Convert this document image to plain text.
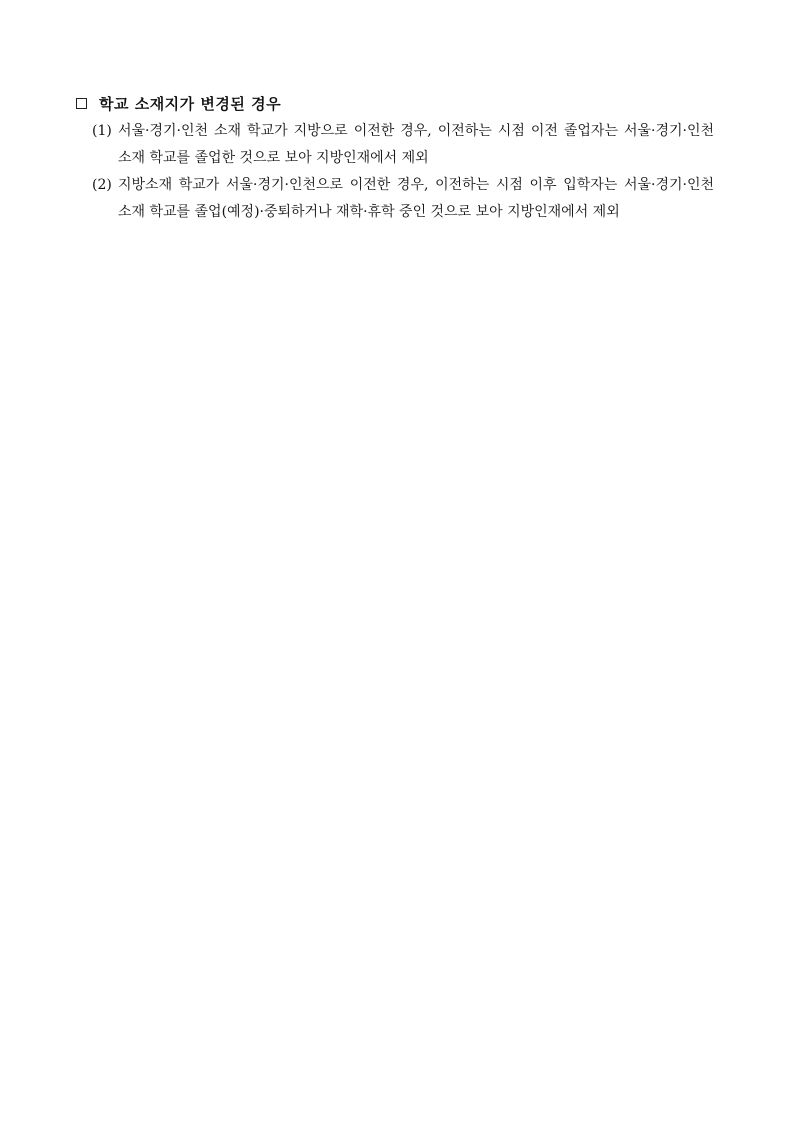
학교 소재지가 변경된 경우
(1) 서울·경기·인천 소재 학교가 지방으로 이전한 경우, 이전하는 시점 이전 졸업자는 서울·경기·인천 소재 학교를 졸업한 것으로 보아 지방인재에서 제외
(2) 지방소재 학교가 서울·경기·인천으로 이전한 경우, 이전하는 시점 이후 입학자는 서울·경기·인천 소재 학교를 졸업(예정)·중퇴하거나 재학·휴학 중인 것으로 보아 지방인재에서 제외
